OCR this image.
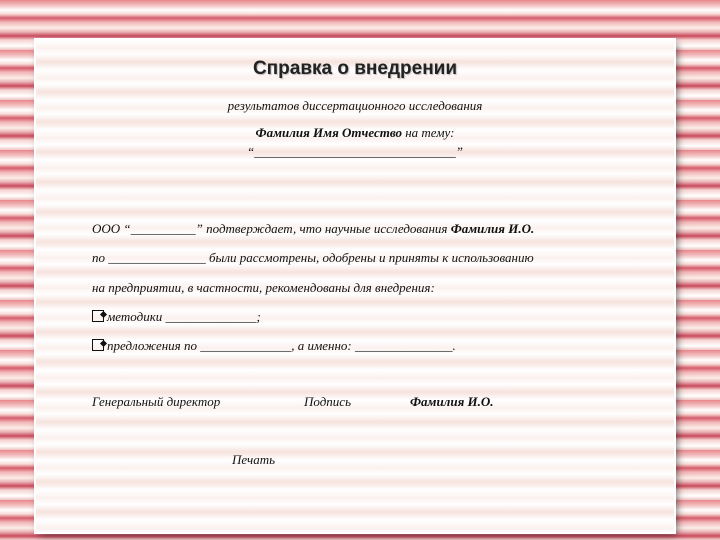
Справка о внедрении
результатов диссертационного исследования
Фамилия Имя Отчество на тему:
“_______________________________”
ООО “__________” подтверждает, что научные исследования Фамилия И.О.
по _______________ были рассмотрены, одобрены и приняты к использованию
на предприятии, в частности, рекомендованы для внедрения:
методики ______________;
предложения по ______________, а именно: _______________.
Генеральный директор	Подпись	Фамилия И.О.
Печать
